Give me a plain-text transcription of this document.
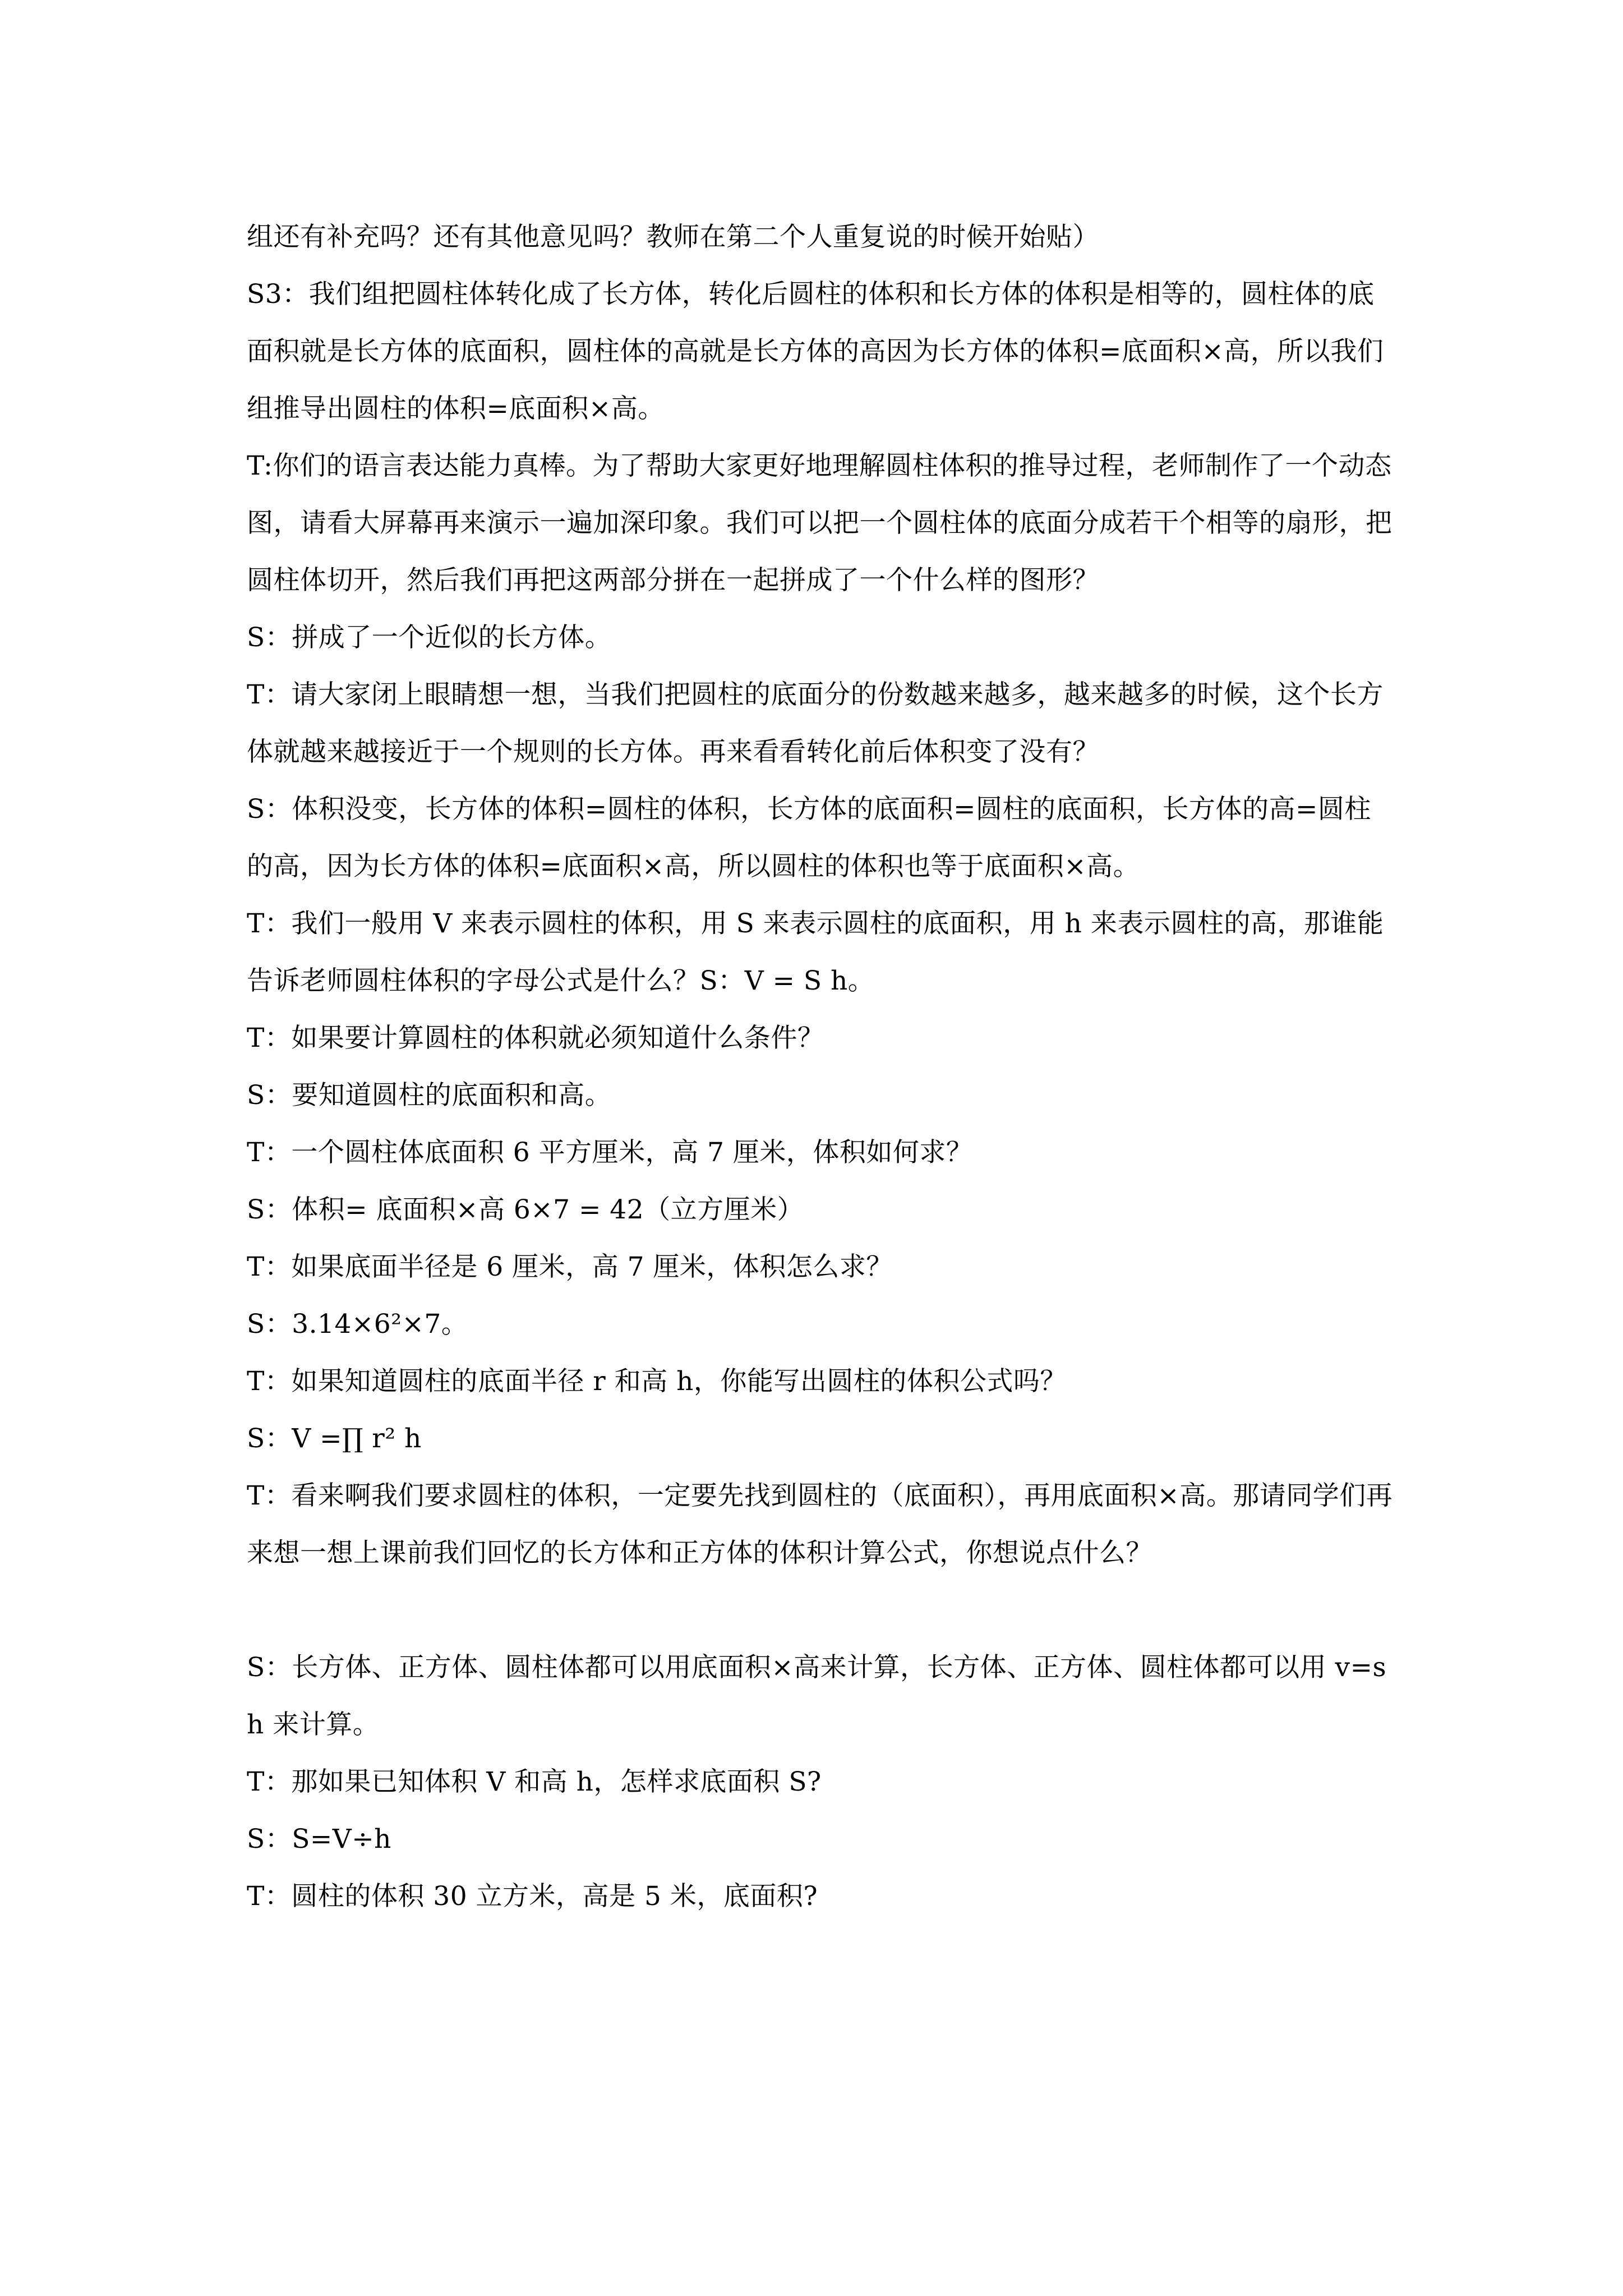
组还有补充吗？还有其他意见吗？教师在第二个人重复说的时候开始贴）

S3：我们组把圆柱体转化成了长方体，转化后圆柱的体积和长方体的体积是相等的，圆柱体的底面积就是长方体的底面积，圆柱体的高就是长方体的高因为长方体的体积=底面积×高，所以我们组推导出圆柱的体积=底面积×高。

T:你们的语言表达能力真棒。为了帮助大家更好地理解圆柱体积的推导过程，老师制作了一个动态图，请看大屏幕再来演示一遍加深印象。我们可以把一个圆柱体的底面分成若干个相等的扇形，把圆柱体切开，然后我们再把这两部分拼在一起拼成了一个什么样的图形？

S：拼成了一个近似的长方体。

T：请大家闭上眼睛想一想，当我们把圆柱的底面分的份数越来越多，越来越多的时候，这个长方体就越来越接近于一个规则的长方体。再来看看转化前后体积变了没有？

S：体积没变，长方体的体积=圆柱的体积，长方体的底面积=圆柱的底面积，长方体的高=圆柱的高，因为长方体的体积=底面积×高，所以圆柱的体积也等于底面积×高。

T：我们一般用 V 来表示圆柱的体积，用 S 来表示圆柱的底面积，用 h 来表示圆柱的高，那谁能告诉老师圆柱体积的字母公式是什么？S：V = S h。

T：如果要计算圆柱的体积就必须知道什么条件？

S：要知道圆柱的底面积和高。

T：一个圆柱体底面积 6 平方厘米，高 7 厘米，体积如何求？

S：体积= 底面积×高 6×7 = 42（立方厘米）

T：如果底面半径是 6 厘米，高 7 厘米，体积怎么求？

S：3.14×6²×7。

T：如果知道圆柱的底面半径 r 和高 h，你能写出圆柱的体积公式吗？

S：V =∏ r² h

T：看来啊我们要求圆柱的体积，一定要先找到圆柱的（底面积），再用底面积×高。那请同学们再来想一想上课前我们回忆的长方体和正方体的体积计算公式，你想说点什么？

S：长方体、正方体、圆柱体都可以用底面积×高来计算，长方体、正方体、圆柱体都可以用 v=sh 来计算。

T：那如果已知体积 V 和高 h，怎样求底面积 S?

S：S=V÷h

T：圆柱的体积 30 立方米，高是 5 米，底面积?
